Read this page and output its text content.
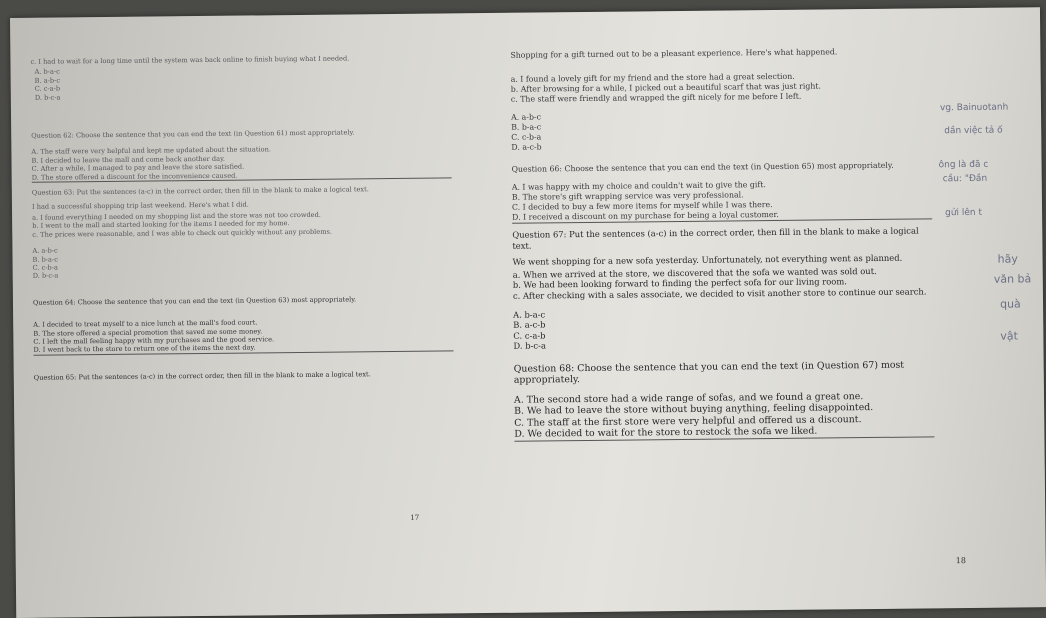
c. I had to wait for a long time until the system was back online to finish buying what I needed.

A. b-a-c
B. a-b-c
C. c-a-b
D. b-c-a

Question 62: Choose the sentence that you can end the text (in Question 61) most appropriately.

A. The staff were very helpful and kept me updated about the situation.
B. I decided to leave the mall and come back another day.
C. After a while, I managed to pay and leave the store satisfied.
D. The store offered a discount for the inconvenience caused.

Question 63: Put the sentences (a-c) in the correct order, then fill in the blank to make a logical text.

I had a successful shopping trip last weekend. Here's what I did.

a. I found everything I needed on my shopping list and the store was not too crowded.
b. I went to the mall and started looking for the items I needed for my home.
c. The prices were reasonable, and I was able to check out quickly without any problems.
A. a-b-c
B. b-a-c
C. c-b-a
D. b-c-a

Question 64: Choose the sentence that you can end the text (in Question 63) most appropriately.

A. I decided to treat myself to a nice lunch at the mall's food court.
B. The store offered a special promotion that saved me some money.
C. I left the mall feeling happy with my purchases and the good service.
D. I went back to the store to return one of the items the next day.

Question 65: Put the sentences (a-c) in the correct order, then fill in the blank to make a logical text.

17

Shopping for a gift turned out to be a pleasant experience. Here's what happened.

a. I found a lovely gift for my friend and the store had a great selection.
b. After browsing for a while, I picked out a beautiful scarf that was just right.
c. The staff were friendly and wrapped the gift nicely for me before I left.
A. a-b-c
B. b-a-c
C. c-b-a
D. a-c-b

Question 66: Choose the sentence that you can end the text (in Question 65) most appropriately.

A. I was happy with my choice and couldn't wait to give the gift.
B. The store's gift wrapping service was very professional.
C. I decided to buy a few more items for myself while I was there.
D. I received a discount on my purchase for being a loyal customer.

Question 67: Put the sentences (a-c) in the correct order, then fill in the blank to make a logical text.

We went shopping for a new sofa yesterday. Unfortunately, not everything went as planned.

a. When we arrived at the store, we discovered that the sofa we wanted was sold out.
b. We had been looking forward to finding the perfect sofa for our living room.
c. After checking with a sales associate, we decided to visit another store to continue our search.
A. b-a-c
B. a-c-b
C. c-a-b
D. b-c-a

Question 68: Choose the sentence that you can end the text (in Question 67) most appropriately.

A. The second store had a wide range of sofas, and we found a great one.
B. We had to leave the store without buying anything, feeling disappointed.
C. The staff at the first store were very helpful and offered us a discount.
D. We decided to wait for the store to restock the sofa we liked.
18
vg. Bainuotanh
dần việc tả ố
ông là đã c
cầu: "Đần
gửi lên t
hãy
văn bả
quà
vật
